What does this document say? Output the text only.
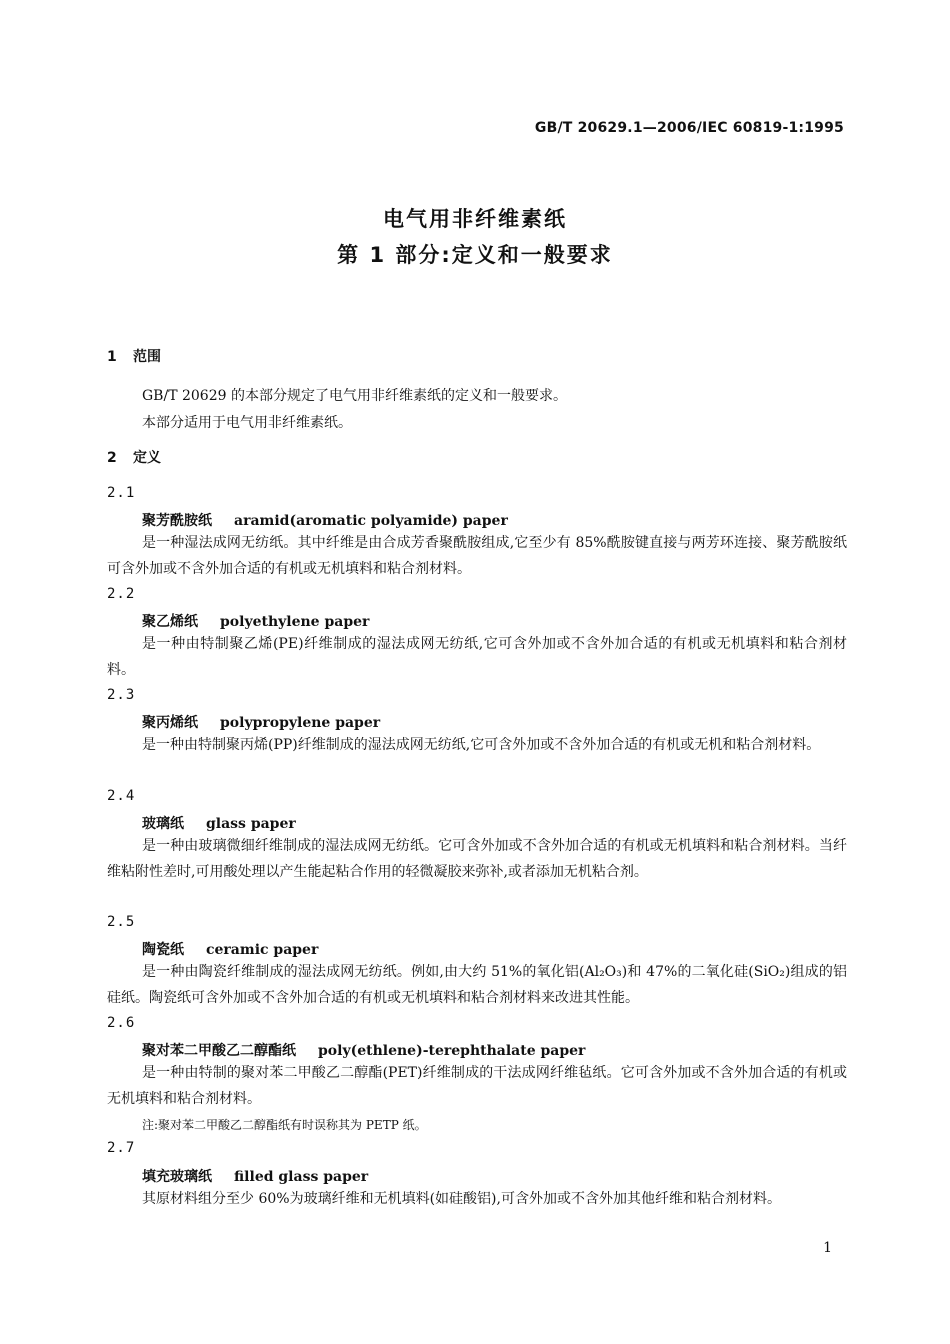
GB/T 20629.1—2006/IEC 60819-1:1995
电气用非纤维素纸
第 1 部分:定义和一般要求
1 范围
GB/T 20629 的本部分规定了电气用非纤维素纸的定义和一般要求。
本部分适用于电气用非纤维素纸。
2 定义
2.1
聚芳酰胺纸 aramid(aromatic polyamide) paper
是一种湿法成网无纺纸。其中纤维是由合成芳香聚酰胺组成,它至少有 85%酰胺键直接与两芳环连接、聚芳酰胺纸可含外加或不含外加合适的有机或无机填料和粘合剂材料。
2.2
聚乙烯纸 polyethylene paper
是一种由特制聚乙烯(PE)纤维制成的湿法成网无纺纸,它可含外加或不含外加合适的有机或无机填料和粘合剂材料。
2.3
聚丙烯纸 polypropylene paper
是一种由特制聚丙烯(PP)纤维制成的湿法成网无纺纸,它可含外加或不含外加合适的有机或无机和粘合剂材料。
2.4
玻璃纸 glass paper
是一种由玻璃微细纤维制成的湿法成网无纺纸。它可含外加或不含外加合适的有机或无机填料和粘合剂材料。当纤维粘附性差时,可用酸处理以产生能起粘合作用的轻微凝胶来弥补,或者添加无机粘合剂。
2.5
陶瓷纸 ceramic paper
是一种由陶瓷纤维制成的湿法成网无纺纸。例如,由大约 51%的氧化铝(Al₂O₃)和 47%的二氧化硅(SiO₂)组成的铝硅纸。陶瓷纸可含外加或不含外加合适的有机或无机填料和粘合剂材料来改进其性能。
2.6
聚对苯二甲酸乙二醇酯纸 poly(ethlene)-terephthalate paper
是一种由特制的聚对苯二甲酸乙二醇酯(PET)纤维制成的干法成网纤维毡纸。它可含外加或不含外加合适的有机或无机填料和粘合剂材料。
注:聚对苯二甲酸乙二醇酯纸有时误称其为 PETP 纸。
2.7
填充玻璃纸 filled glass paper
其原材料组分至少 60%为玻璃纤维和无机填料(如硅酸铝),可含外加或不含外加其他纤维和粘合剂材料。
1
